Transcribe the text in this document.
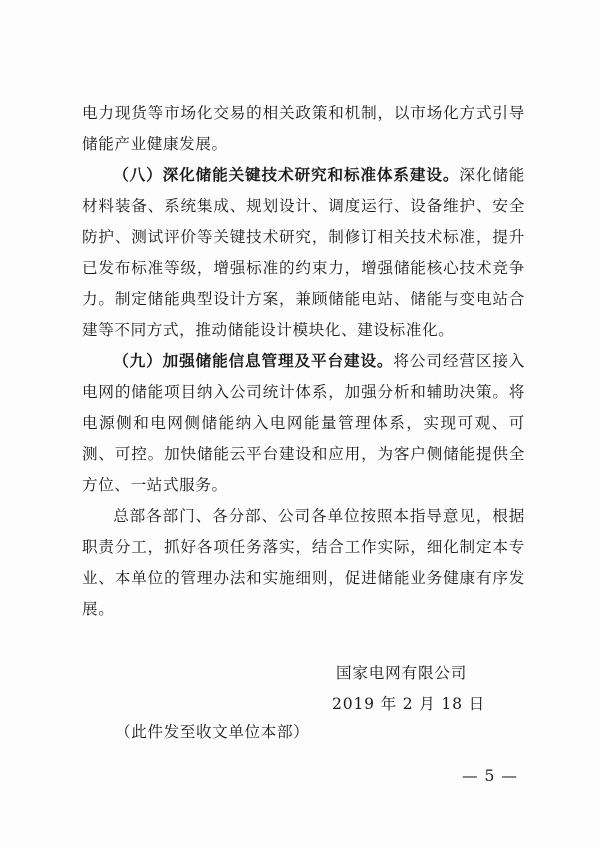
电力现货等市场化交易的相关政策和机制，以市场化方式引导储能产业健康发展。

（八）深化储能关键技术研究和标准体系建设。深化储能材料装备、系统集成、规划设计、调度运行、设备维护、安全防护、测试评价等关键技术研究，制修订相关技术标准，提升已发布标准等级，增强标准的约束力，增强储能核心技术竞争力。制定储能典型设计方案，兼顾储能电站、储能与变电站合建等不同方式，推动储能设计模块化、建设标准化。

（九）加强储能信息管理及平台建设。将公司经营区接入电网的储能项目纳入公司统计体系，加强分析和辅助决策。将电源侧和电网侧储能纳入电网能量管理体系，实现可观、可测、可控。加快储能云平台建设和应用，为客户侧储能提供全方位、一站式服务。

总部各部门、各分部、公司各单位按照本指导意见，根据职责分工，抓好各项任务落实，结合工作实际，细化制定本专业、本单位的管理办法和实施细则，促进储能业务健康有序发展。

国家电网有限公司
2019 年 2 月 18 日
（此件发至收文单位本部）
— 5 —
